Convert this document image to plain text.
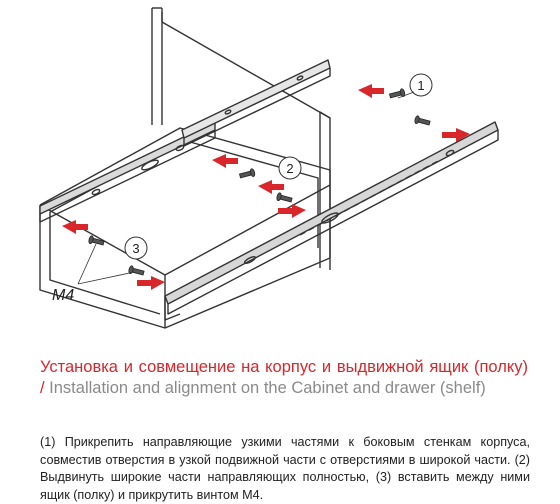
1
2
3
M4
Установка и совмещение на корпус и выдвижной ящик (полку) / Installation and alignment on the Cabinet and drawer (shelf)
(1) Прикрепить направляющие узкими частями к боковым стенкам корпуса, совместив отверстия в узкой подвижной части с отверстиями в широкой части. (2) Выдвинуть широкие части направляющих полностью, (3) вставить между ними ящик (полку) и прикрутить винтом М4.
